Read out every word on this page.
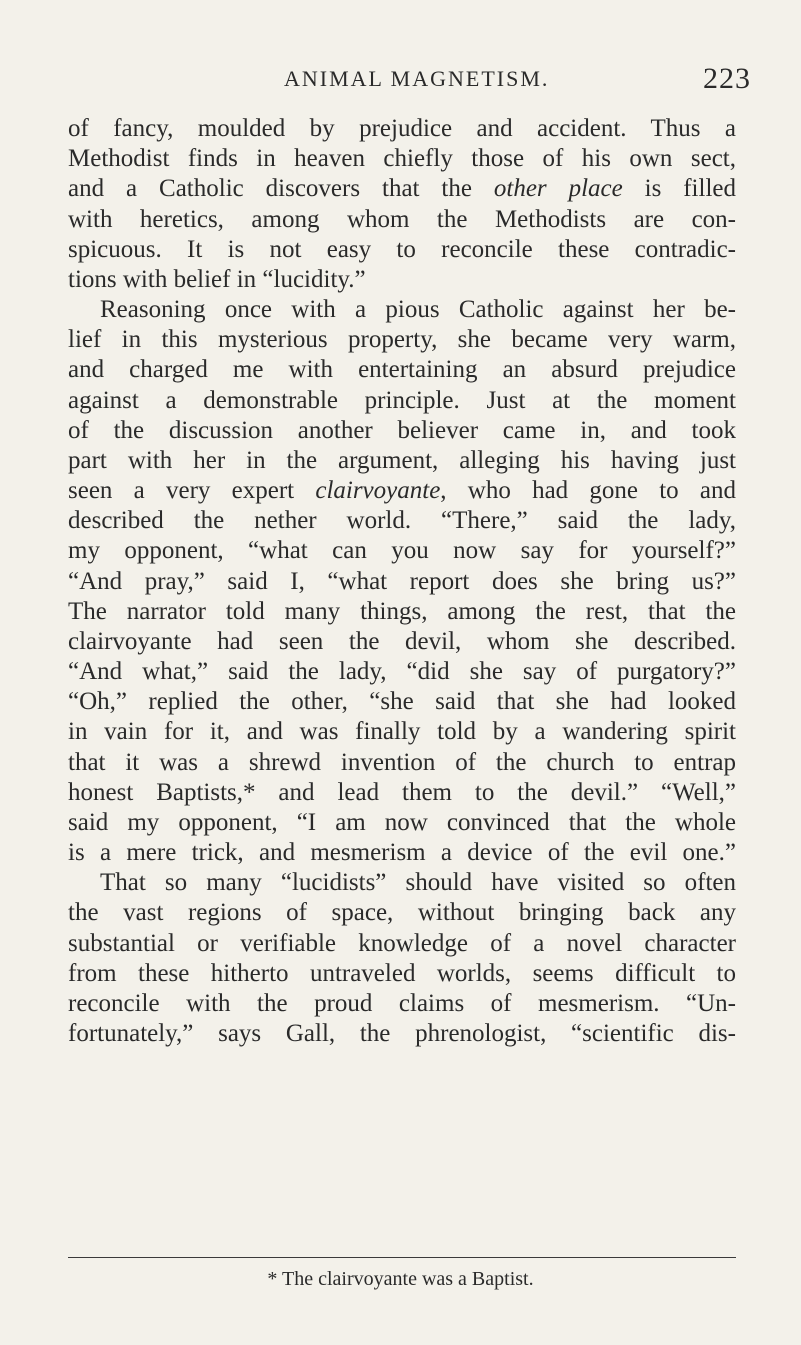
ANIMAL MAGNETISM.	223
of fancy, moulded by prejudice and accident. Thus a
Methodist finds in heaven chiefly those of his own sect,
and a Catholic discovers that the other place is filled
with heretics, among whom the Methodists are con-
spicuous. It is not easy to reconcile these contradic-
tions with belief in “lucidity.”
Reasoning once with a pious Catholic against her be-
lief in this mysterious property, she became very warm,
and charged me with entertaining an absurd prejudice
against a demonstrable principle. Just at the moment
of the discussion another believer came in, and took
part with her in the argument, alleging his having just
seen a very expert clairvoyante, who had gone to and
described the nether world. “There,” said the lady,
my opponent, “what can you now say for yourself?”
“And pray,” said I, “what report does she bring us?”
The narrator told many things, among the rest, that the
clairvoyante had seen the devil, whom she described.
“And what,” said the lady, “did she say of purgatory?”
“Oh,” replied the other, “she said that she had looked
in vain for it, and was finally told by a wandering spirit
that it was a shrewd invention of the church to entrap
honest Baptists,* and lead them to the devil.” “Well,”
said my opponent, “I am now convinced that the whole
is a mere trick, and mesmerism a device of the evil one.”
That so many “lucidists” should have visited so often
the vast regions of space, without bringing back any
substantial or verifiable knowledge of a novel character
from these hitherto untraveled worlds, seems difficult to
reconcile with the proud claims of mesmerism. “Un-
fortunately,” says Gall, the phrenologist, “scientific dis-
* The clairvoyante was a Baptist.
